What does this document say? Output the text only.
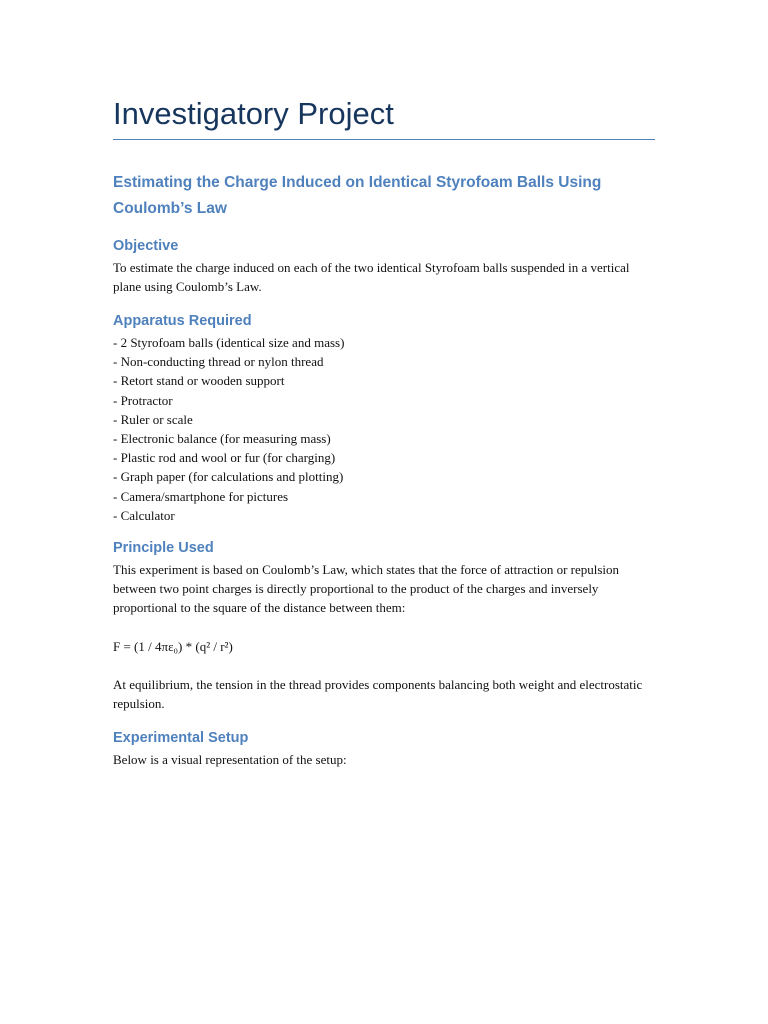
Investigatory Project
Estimating the Charge Induced on Identical Styrofoam Balls Using Coulomb’s Law
Objective

To estimate the charge induced on each of the two identical Styrofoam balls suspended in a vertical plane using Coulomb’s Law.

Apparatus Required
- 2 Styrofoam balls (identical size and mass)
- Non-conducting thread or nylon thread
- Retort stand or wooden support
- Protractor
- Ruler or scale
- Electronic balance (for measuring mass)
- Plastic rod and wool or fur (for charging)
- Graph paper (for calculations and plotting)
- Camera/smartphone for pictures
- Calculator
Principle Used

This experiment is based on Coulomb’s Law, which states that the force of attraction or repulsion between two point charges is directly proportional to the product of the charges and inversely proportional to the square of the distance between them:

F = (1 / 4πε₀) * (q² / r²)

At equilibrium, the tension in the thread provides components balancing both weight and electrostatic repulsion.

Experimental Setup

Below is a visual representation of the setup:
